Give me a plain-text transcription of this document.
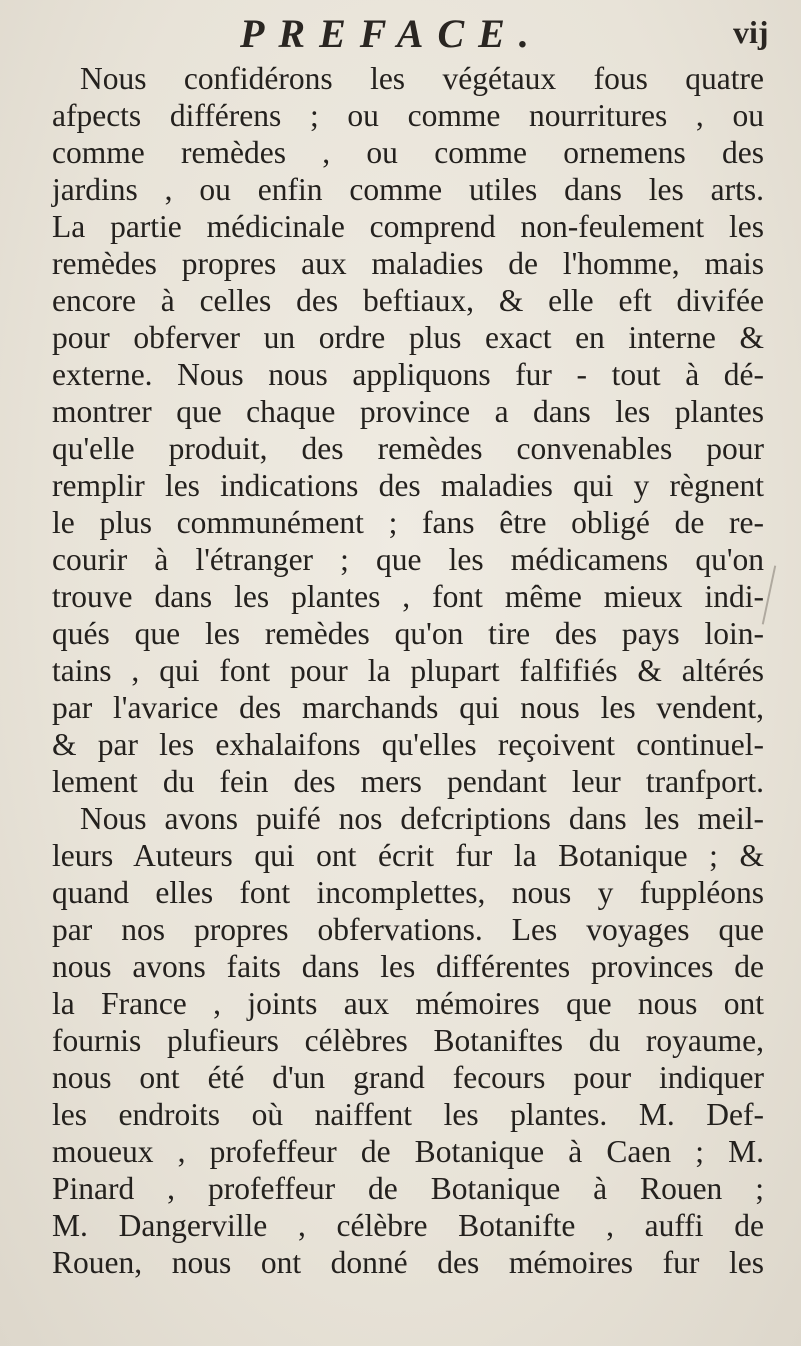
PREFACE.	vij
Nous confidérons les végétaux fous quatre
afpects différens ; ou comme nourritures , ou
comme remèdes , ou comme ornemens des
jardins , ou enfin comme utiles dans les arts.
La partie médicinale comprend non-feulement les
remèdes propres aux maladies de l'homme, mais
encore à celles des beftiaux, & elle eft divifée
pour obferver un ordre plus exact en interne &
externe. Nous nous appliquons fur - tout à dé-
montrer que chaque province a dans les plantes
qu'elle produit, des remèdes convenables pour
remplir les indications des maladies qui y règnent
le plus communément ; fans être obligé de re-
courir à l'étranger ; que les médicamens qu'on
trouve dans les plantes , font même mieux indi-
qués que les remèdes qu'on tire des pays loin-
tains , qui font pour la plupart falfifiés & altérés
par l'avarice des marchands qui nous les vendent,
& par les exhalaifons qu'elles reçoivent continuel-
lement du fein des mers pendant leur tranfport.
Nous avons puifé nos defcriptions dans les meil-
leurs Auteurs qui ont écrit fur la Botanique ; &
quand elles font incomplettes, nous y fuppléons
par nos propres obfervations. Les voyages que
nous avons faits dans les différentes provinces de
la France , joints aux mémoires que nous ont
fournis plufieurs célèbres Botaniftes du royaume,
nous ont été d'un grand fecours pour indiquer
les endroits où naiffent les plantes. M. Def-
moueux , profeffeur de Botanique à Caen ; M.
Pinard , profeffeur de Botanique à Rouen ;
M. Dangerville , célèbre Botanifte , auffi de
Rouen, nous ont donné des mémoires fur les
